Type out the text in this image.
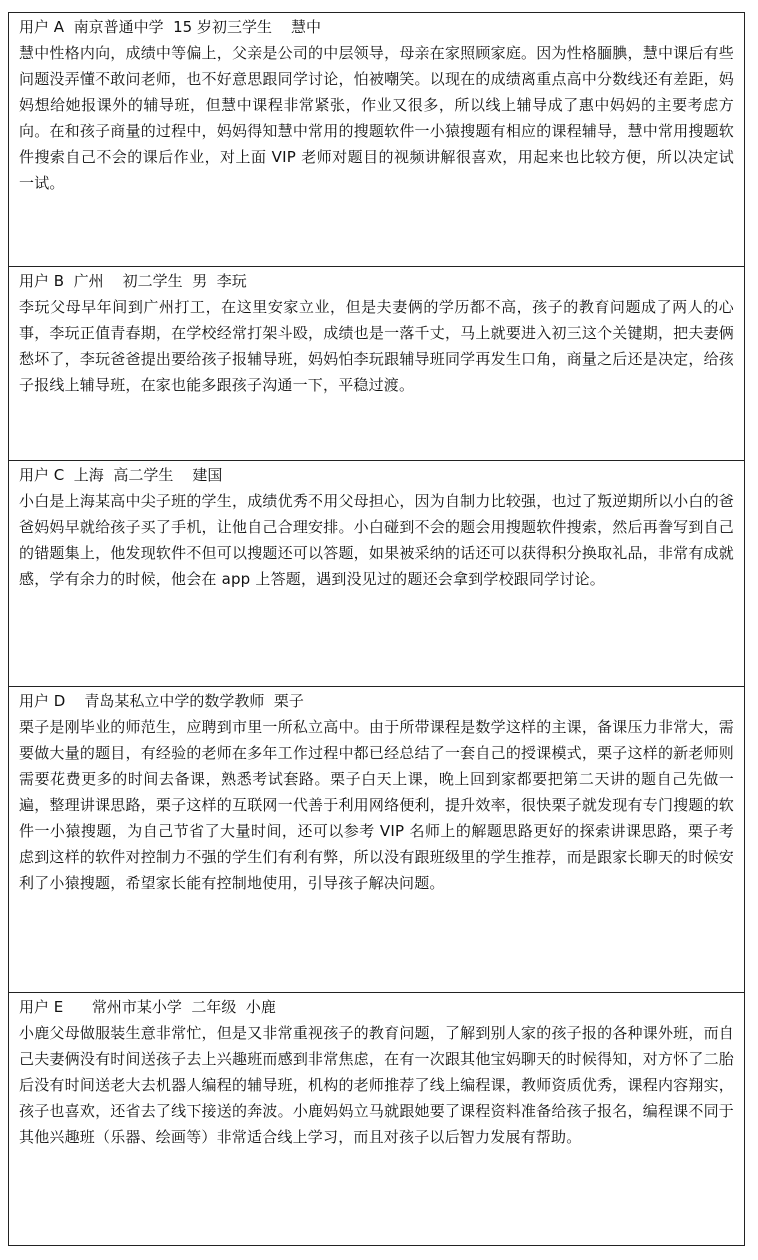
用户 A  南京普通中学  15 岁初三学生    慧中
慧中性格内向，成绩中等偏上，父亲是公司的中层领导，母亲在家照顾家庭。因为性格腼腆，慧中课后有些问题没弄懂不敢问老师，也不好意思跟同学讨论，怕被嘲笑。以现在的成绩离重点高中分数线还有差距，妈妈想给她报课外的辅导班，但慧中课程非常紧张，作业又很多，所以线上辅导成了惠中妈妈的主要考虑方向。在和孩子商量的过程中，妈妈得知慧中常用的搜题软件一小猿搜题有相应的课程辅导，慧中常用搜题软件搜索自己不会的课后作业，对上面 VIP 老师对题目的视频讲解很喜欢，用起来也比较方便，所以决定试一试。
用户 B  广州    初二学生  男  李玩
李玩父母早年间到广州打工，在这里安家立业，但是夫妻俩的学历都不高，孩子的教育问题成了两人的心事，李玩正值青春期，在学校经常打架斗殴，成绩也是一落千丈，马上就要进入初三这个关键期，把夫妻俩愁坏了，李玩爸爸提出要给孩子报辅导班，妈妈怕李玩跟辅导班同学再发生口角，商量之后还是决定，给孩子报线上辅导班，在家也能多跟孩子沟通一下，平稳过渡。
用户 C  上海  高二学生    建国
小白是上海某高中尖子班的学生，成绩优秀不用父母担心，因为自制力比较强，也过了叛逆期所以小白的爸爸妈妈早就给孩子买了手机，让他自己合理安排。小白碰到不会的题会用搜题软件搜索，然后再誊写到自己的错题集上，他发现软件不但可以搜题还可以答题，如果被采纳的话还可以获得积分换取礼品，非常有成就感，学有余力的时候，他会在 app 上答题，遇到没见过的题还会拿到学校跟同学讨论。
用户 D    青岛某私立中学的数学教师  栗子
栗子是刚毕业的师范生，应聘到市里一所私立高中。由于所带课程是数学这样的主课，备课压力非常大，需要做大量的题目，有经验的老师在多年工作过程中都已经总结了一套自己的授课模式，栗子这样的新老师则需要花费更多的时间去备课，熟悉考试套路。栗子白天上课，晚上回到家都要把第二天讲的题自己先做一遍，整理讲课思路，栗子这样的互联网一代善于利用网络便利，提升效率，很快栗子就发现有专门搜题的软件一小猿搜题，为自己节省了大量时间，还可以参考 VIP 名师上的解题思路更好的探索讲课思路，栗子考虑到这样的软件对控制力不强的学生们有利有弊，所以没有跟班级里的学生推荐，而是跟家长聊天的时候安利了小猿搜题，希望家长能有控制地使用，引导孩子解决问题。
用户 E      常州市某小学  二年级  小鹿
小鹿父母做服装生意非常忙，但是又非常重视孩子的教育问题，了解到别人家的孩子报的各种课外班，而自己夫妻俩没有时间送孩子去上兴趣班而感到非常焦虑，在有一次跟其他宝妈聊天的时候得知，对方怀了二胎后没有时间送老大去机器人编程的辅导班，机构的老师推荐了线上编程课，教师资质优秀，课程内容翔实，孩子也喜欢，还省去了线下接送的奔波。小鹿妈妈立马就跟她要了课程资料准备给孩子报名，编程课不同于其他兴趣班（乐器、绘画等）非常适合线上学习，而且对孩子以后智力发展有帮助。
